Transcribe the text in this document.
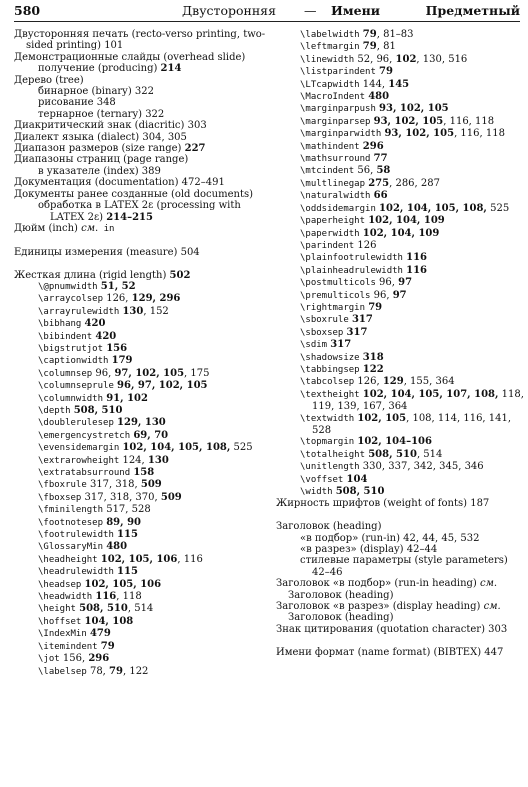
580	Двусторонняя — Имени	Предметный
Двусторонняя печать (recto-verso printing, two-sided printing) 101
Демонстрационные слайды (overhead slide)
получение (producing) 214
Дерево (tree)
бинарное (binary) 322
рисование 348
тернарное (ternary) 322
Диакритический знак (diacritic) 303
Диалект языка (dialect) 304, 305
Диапазон размеров (size range) 227
Диапазоны страниц (page range)
в указателе (index) 389
Документация (documentation) 472–491
Документы ранее созданные (old documents)
обработка в LATEX 2ε (processing with LATEX 2ε) 214–215
Дюйм (inch) см. in
Единицы измерения (measure) 504
Жесткая длина (rigid length) 502
\@pnumwidth 51, 52
\arraycolsep 126, 129, 296
\arrayrulewidth 130, 152
\bibhang 420
\bibindent 420
\bigstrutjot 156
\captionwidth 179
\columnsep 96, 97, 102, 105, 175
\columnseprule 96, 97, 102, 105
\columnwidth 91, 102
\depth 508, 510
\doublerulesep 129, 130
\emergencystretch 69, 70
\evensidemargin 102, 104, 105, 108, 525
\extrarowheight 124, 130
\extratabsurround 158
\fboxrule 317, 318, 509
\fboxsep 317, 318, 370, 509
\fminilength 517, 528
\footnotesep 89, 90
\footrulewidth 115
\GlossaryMin 480
\headheight 102, 105, 106, 116
\headrulewidth 115
\headsep 102, 105, 106
\headwidth 116, 118
\height 508, 510, 514
\hoffset 104, 108
\IndexMin 479
\itemindent 79
\jot 156, 296
\labelsep 78, 79, 122
\labelwidth 79, 81–83
\leftmargin 79, 81
\linewidth 52, 96, 102, 130, 516
\listparindent 79
\LTcapwidth 144, 145
\MacroIndent 480
\marginparpush 93, 102, 105
\marginparsep 93, 102, 105, 116, 118
\marginparwidth 93, 102, 105, 116, 118
\mathindent 296
\mathsurround 77
\mtcindent 56, 58
\multlinegap 275, 286, 287
\naturalwidth 66
\oddsidemargin 102, 104, 105, 108, 525
\paperheight 102, 104, 109
\paperwidth 102, 104, 109
\parindent 126
\plainfootrulewidth 116
\plainheadrulewidth 116
\postmulticols 96, 97
\premulticols 96, 97
\rightmargin 79
\sboxrule 317
\sboxsep 317
\sdim 317
\shadowsize 318
\tabbingsep 122
\tabcolsep 126, 129, 155, 364
\textheight 102, 104, 105, 107, 108, 118, 119, 139, 167, 364
\textwidth 102, 105, 108, 114, 116, 141, 528
\topmargin 102, 104–106
\totalheight 508, 510, 514
\unitlength 330, 337, 342, 345, 346
\voffset 104
\width 508, 510
Жирность шрифтов (weight of fonts) 187
Заголовок (heading)
«в подбор» (run-in) 42, 44, 45, 532
«в разрез» (display) 42–44
стилевые параметры (style parameters) 42–46
Заголовок «в подбор» (run-in heading) см. Заголовок (heading)
Заголовок «в разрез» (display heading) см. Заголовок (heading)
Знак цитирования (quotation character) 303
Имени формат (name format) (BIBTEX) 447
